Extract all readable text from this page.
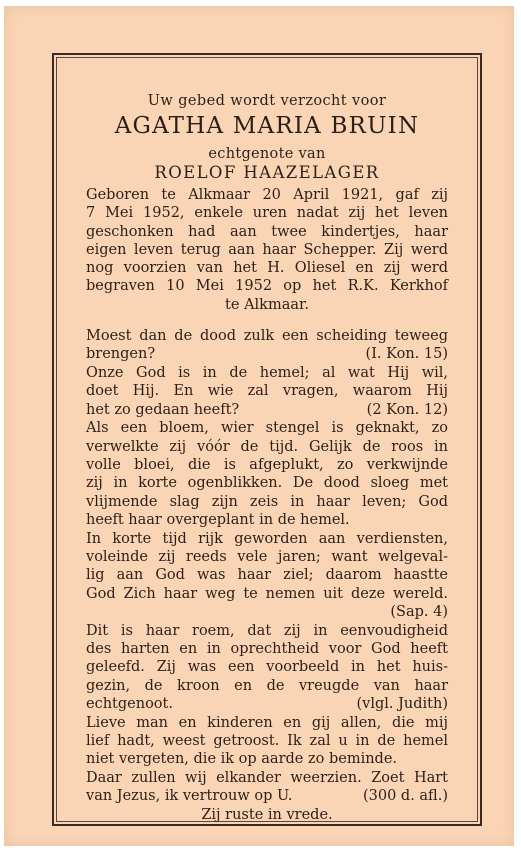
Uw gebed wordt verzocht voor
AGATHA MARIA BRUIN
echtgenote van
ROELOF HAAZELAGER
Geboren te Alkmaar 20 April 1921, gaf zij
7 Mei 1952, enkele uren nadat zij het leven
geschonken had aan twee kindertjes, haar
eigen leven terug aan haar Schepper. Zij werd
nog voorzien van het H. Oliesel en zij werd
begraven 10 Mei 1952 op het R.K. Kerkhof
te Alkmaar.
Moest dan de dood zulk een scheiding teweeg
brengen?	(I. Kon. 15)
Onze God is in de hemel; al wat Hij wil,
doet Hij. En wie zal vragen, waarom Hij
het zo gedaan heeft?	(2 Kon. 12)
Als een bloem, wier stengel is geknakt, zo
verwelkte zij vóór de tijd. Gelijk de roos in
volle bloei, die is afgeplukt, zo verkwijnde
zij in korte ogenblikken. De dood sloeg met
vlijmende slag zijn zeis in haar leven; God
heeft haar overgeplant in de hemel.
In korte tijd rijk geworden aan verdiensten,
voleinde zij reeds vele jaren; want welgeval-
lig aan God was haar ziel; daarom haastte
God Zich haar weg te nemen uit deze wereld.
(Sap. 4)
Dit is haar roem, dat zij in eenvoudigheid
des harten en in oprechtheid voor God heeft
geleefd. Zij was een voorbeeld in het huis-
gezin, de kroon en de vreugde van haar
echtgenoot.	(vlgl. Judith)
Lieve man en kinderen en gij allen, die mij
lief hadt, weest getroost. Ik zal u in de hemel
niet vergeten, die ik op aarde zo beminde.
Daar zullen wij elkander weerzien. Zoet Hart
van Jezus, ik vertrouw op U.	(300 d. afl.)
Zij ruste in vrede.
